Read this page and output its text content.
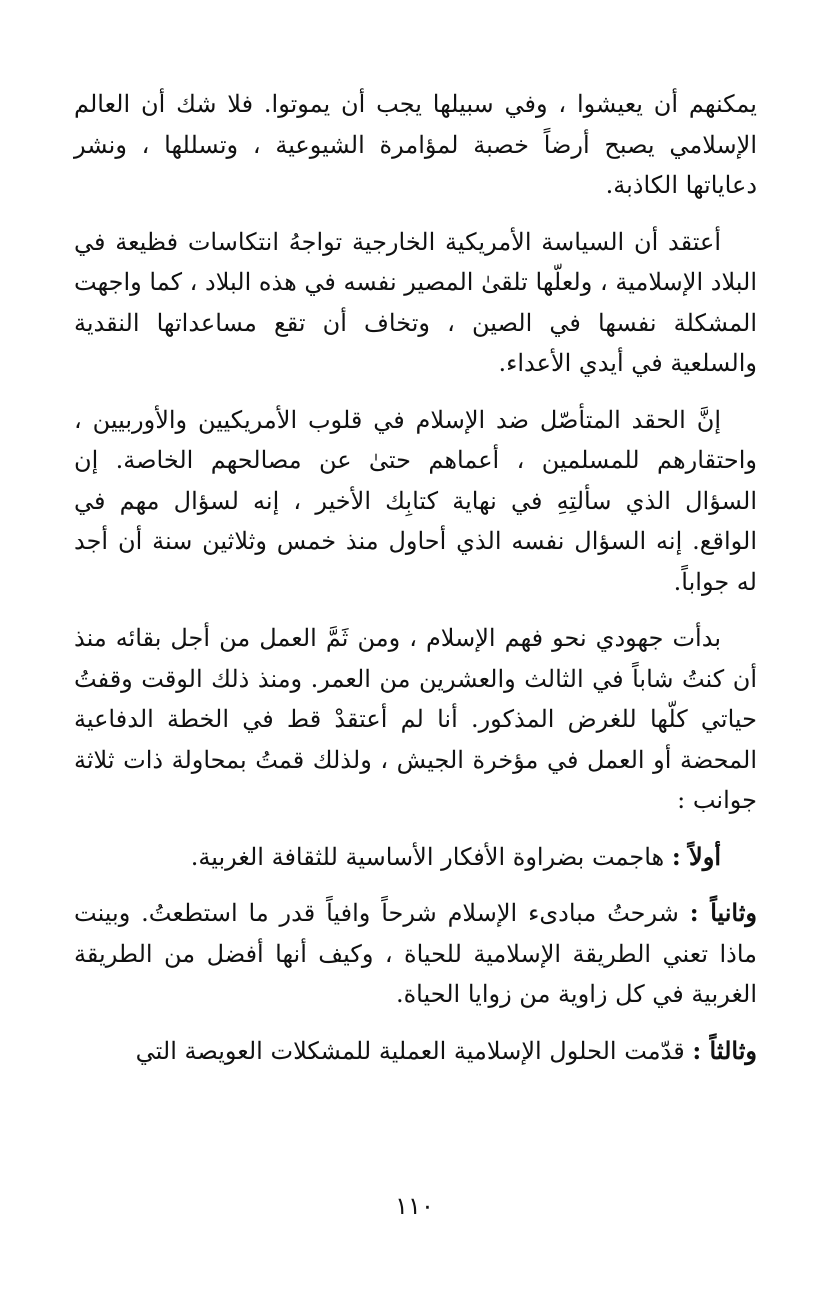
يمكنهم أن يعيشوا ، وفي سبيلها يجب أن يموتوا. فلا شك أن العالم الإسلامي يصبح أرضاً خصبة لمؤامرة الشيوعية ، وتسللها ، ونشر دعاياتها الكاذبة.

أعتقد أن السياسة الأمريكية الخارجية تواجهُ انتكاسات فظيعة في البلاد الإسلامية ، ولعلّها تلقىٰ المصير نفسه في هذه البلاد ، كما واجهت المشكلة نفسها في الصين ، وتخاف أن تقع مساعداتها النقدية والسلعية في أيدي الأعداء.

إنَّ الحقد المتأصّل ضد الإسلام في قلوب الأمريكيين والأوربيين ، واحتقارهم للمسلمين ، أعماهم حتىٰ عن مصالحهم الخاصة. إن السؤال الذي سألتِهِ في نهاية كتابِك الأخير ، إنه لسؤال مهم في الواقع. إنه السؤال نفسه الذي أحاول منذ خمس وثلاثين سنة أن أجد له جواباً.

بدأت جهودي نحو فهم الإسلام ، ومن ثَمَّ العمل من أجل بقائه منذ أن كنتُ شاباً في الثالث والعشرين من العمر. ومنذ ذلك الوقت وقفتُ حياتي كلّها للغرض المذكور. أنا لم أعتقدْ قط في الخطة الدفاعية المحضة أو العمل في مؤخرة الجيش ، ولذلك قمتُ بمحاولة ذات ثلاثة جوانب :

أولاً : هاجمت بضراوة الأفكار الأساسية للثقافة الغربية.

وثانياً : شرحتُ مبادىء الإسلام شرحاً وافياً قدر ما استطعتُ. وبينت ماذا تعني الطريقة الإسلامية للحياة ، وكيف أنها أفضل من الطريقة الغربية في كل زاوية من زوايا الحياة.

وثالثاً : قدّمت الحلول الإسلامية العملية للمشكلات العويصة التي

١١٠
